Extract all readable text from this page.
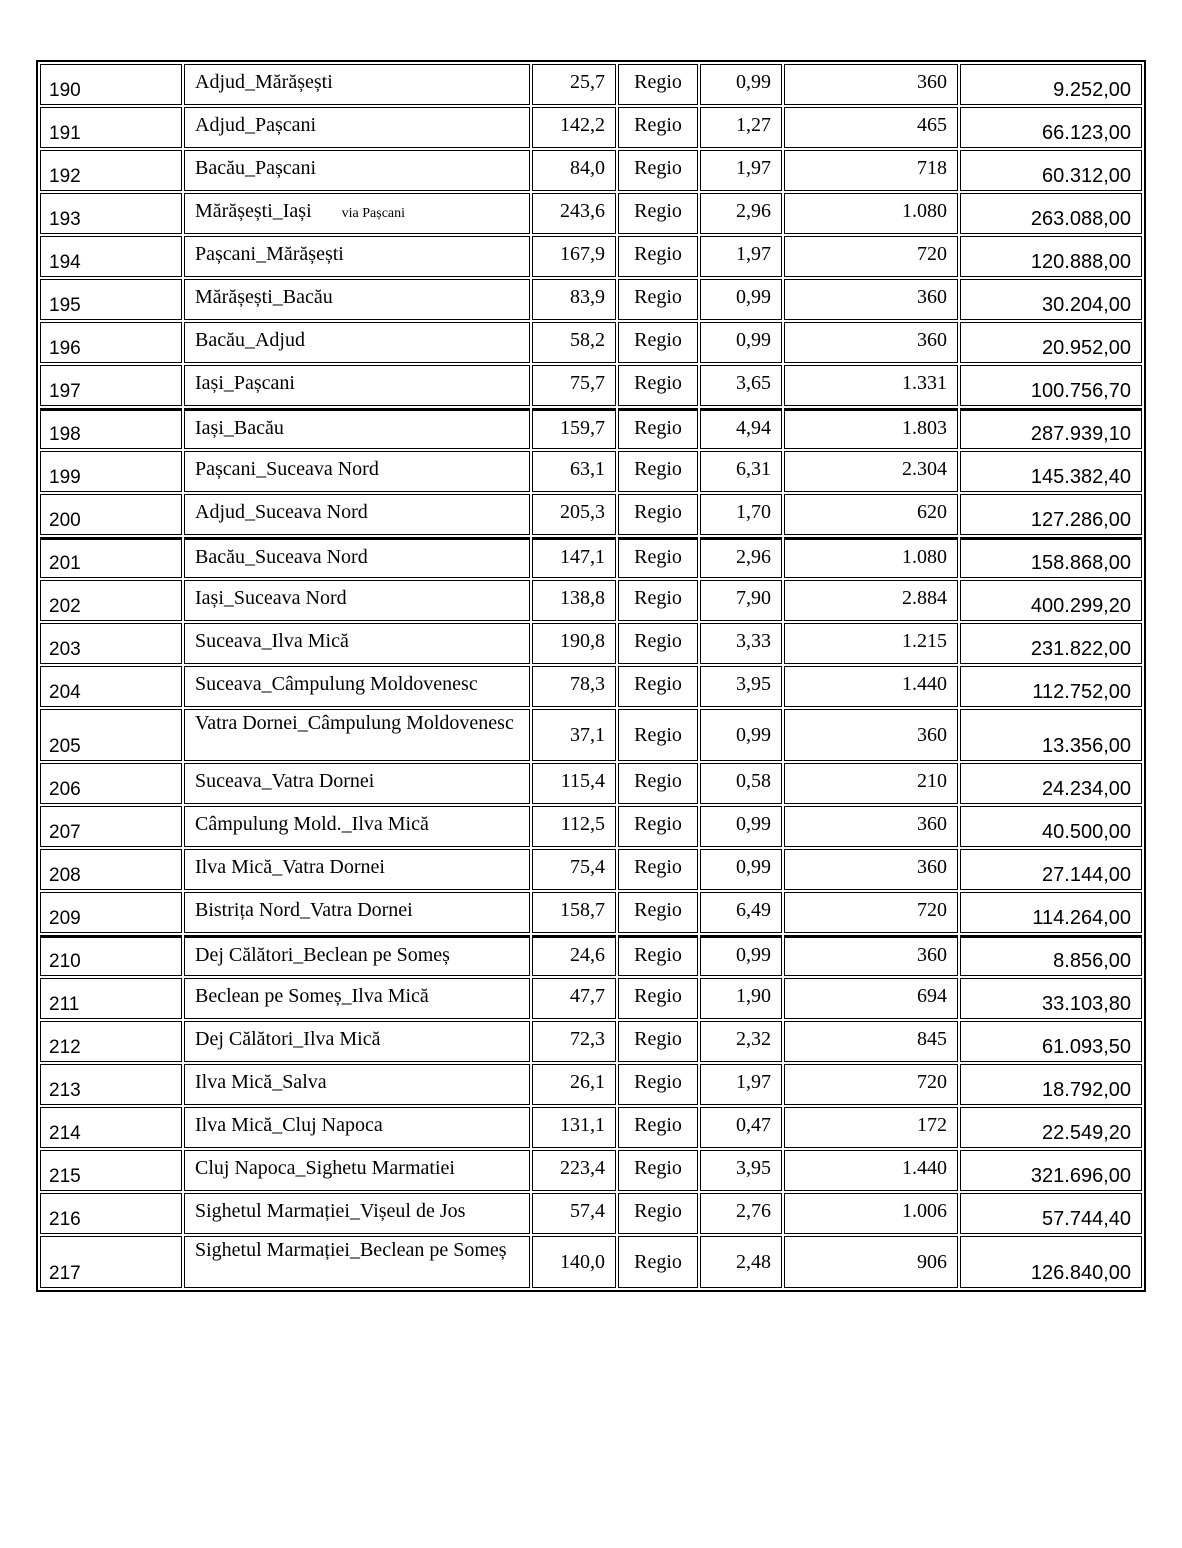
190	Adjud_Mărășești	25,7	Regio	0,99	360	9.252,00
191	Adjud_Pașcani	142,2	Regio	1,27	465	66.123,00
192	Bacău_Pașcani	84,0	Regio	1,97	718	60.312,00
193	Mărășești_Iași via Pașcani	243,6	Regio	2,96	1.080	263.088,00
194	Pașcani_Mărășești	167,9	Regio	1,97	720	120.888,00
195	Mărășești_Bacău	83,9	Regio	0,99	360	30.204,00
196	Bacău_Adjud	58,2	Regio	0,99	360	20.952,00
197	Iași_Pașcani	75,7	Regio	3,65	1.331	100.756,70
198	Iași_Bacău	159,7	Regio	4,94	1.803	287.939,10
199	Pașcani_Suceava Nord	63,1	Regio	6,31	2.304	145.382,40
200	Adjud_Suceava Nord	205,3	Regio	1,70	620	127.286,00
201	Bacău_Suceava Nord	147,1	Regio	2,96	1.080	158.868,00
202	Iași_Suceava Nord	138,8	Regio	7,90	2.884	400.299,20
203	Suceava_Ilva Mică	190,8	Regio	3,33	1.215	231.822,00
204	Suceava_Câmpulung Moldovenesc	78,3	Regio	3,95	1.440	112.752,00
205	Vatra Dornei_Câmpulung Moldovenesc	37,1	Regio	0,99	360	13.356,00
206	Suceava_Vatra Dornei	115,4	Regio	0,58	210	24.234,00
207	Câmpulung Mold._Ilva Mică	112,5	Regio	0,99	360	40.500,00
208	Ilva Mică_Vatra Dornei	75,4	Regio	0,99	360	27.144,00
209	Bistrița Nord_Vatra Dornei	158,7	Regio	6,49	720	114.264,00
210	Dej Călători_Beclean pe Someș	24,6	Regio	0,99	360	8.856,00
211	Beclean pe Someș_Ilva Mică	47,7	Regio	1,90	694	33.103,80
212	Dej Călători_Ilva Mică	72,3	Regio	2,32	845	61.093,50
213	Ilva Mică_Salva	26,1	Regio	1,97	720	18.792,00
214	Ilva Mică_Cluj Napoca	131,1	Regio	0,47	172	22.549,20
215	Cluj Napoca_Sighetu Marmatiei	223,4	Regio	3,95	1.440	321.696,00
216	Sighetul Marmației_Vișeul de Jos	57,4	Regio	2,76	1.006	57.744,40
217	Sighetul Marmației_Beclean pe Someș	140,0	Regio	2,48	906	126.840,00
